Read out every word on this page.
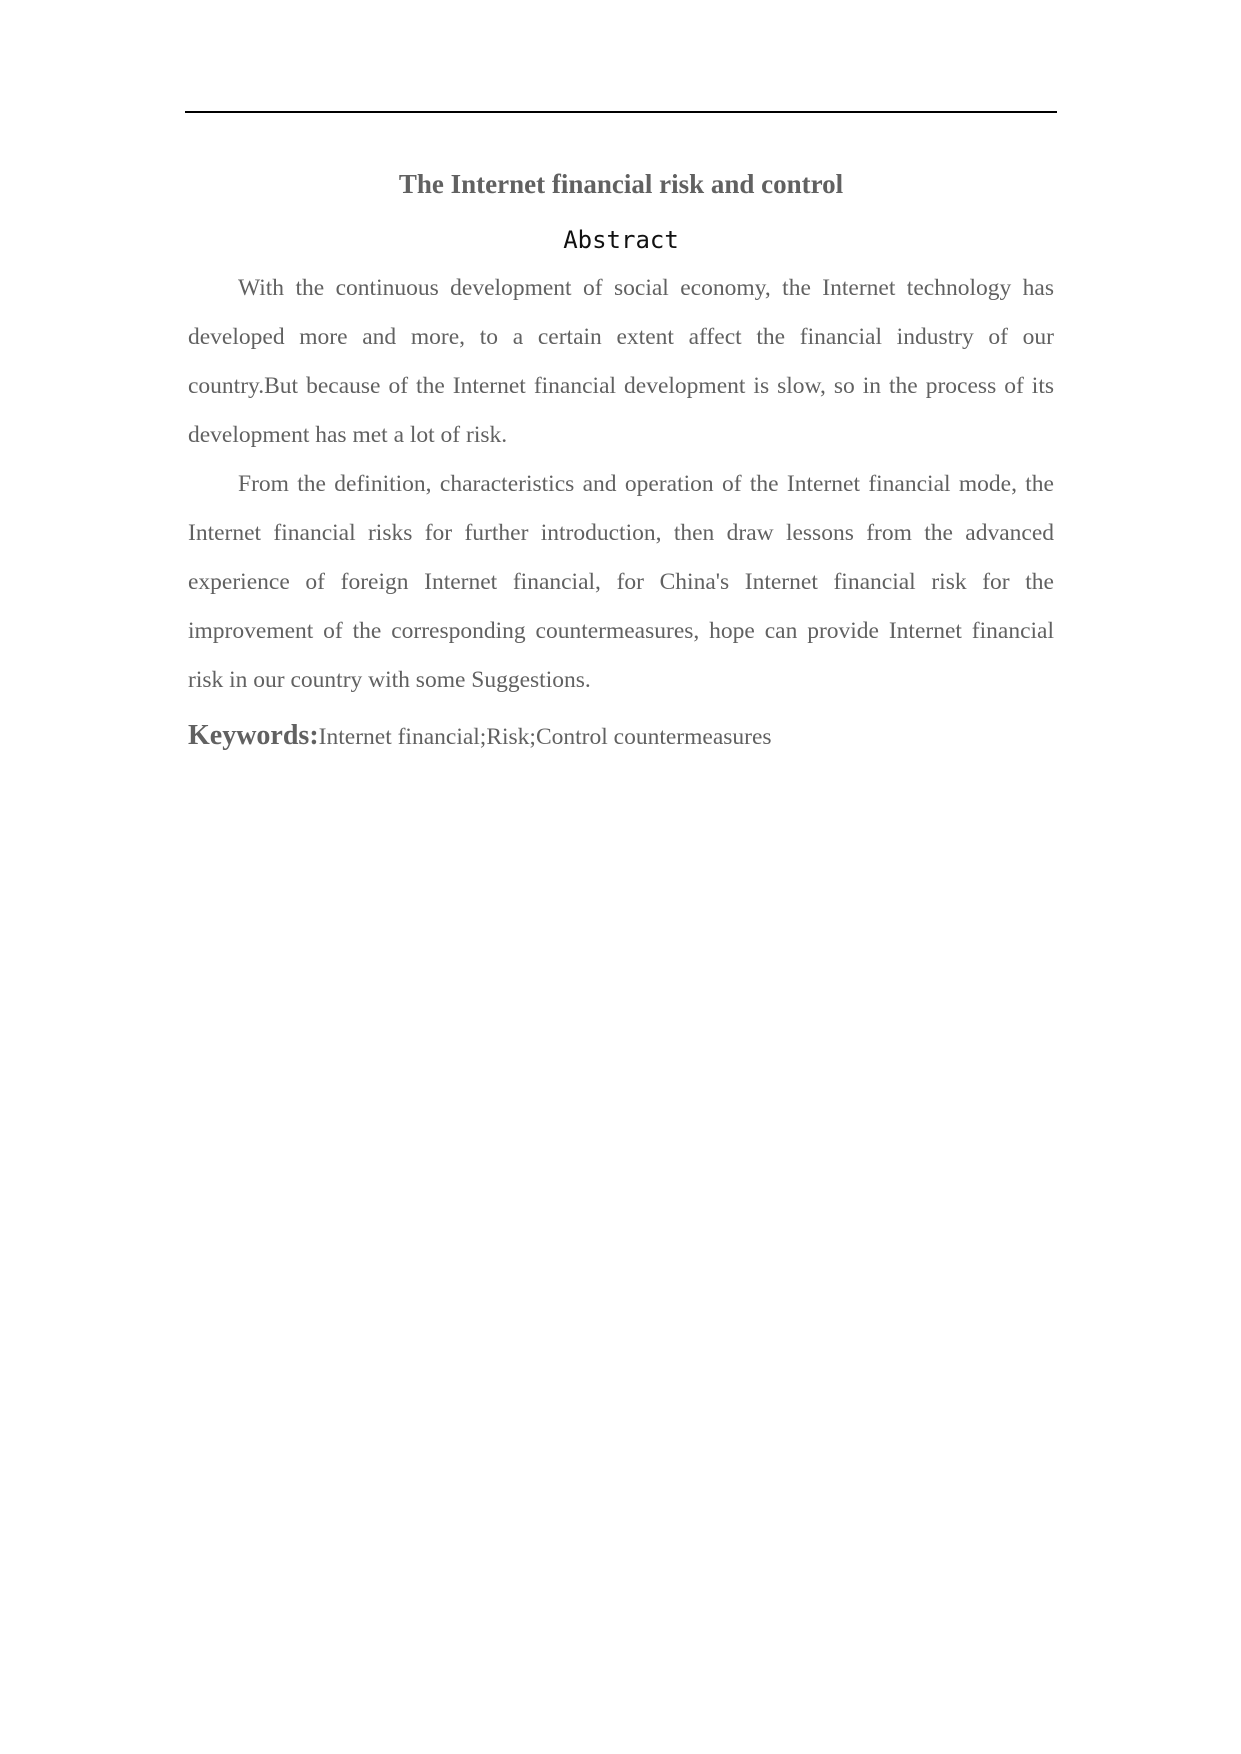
The Internet financial risk and control
Abstract

With the continuous development of social economy, the Internet technology has developed more and more, to a certain extent affect the financial industry of our country.But because of the Internet financial development is slow, so in the process of its development has met a lot of risk.

From the definition, characteristics and operation of the Internet financial mode, the Internet financial risks for further introduction, then draw lessons from the advanced experience of foreign Internet financial, for China's Internet financial risk for the improvement of the corresponding countermeasures, hope can provide Internet financial risk in our country with some Suggestions.

Keywords:Internet financial;Risk;Control countermeasures
